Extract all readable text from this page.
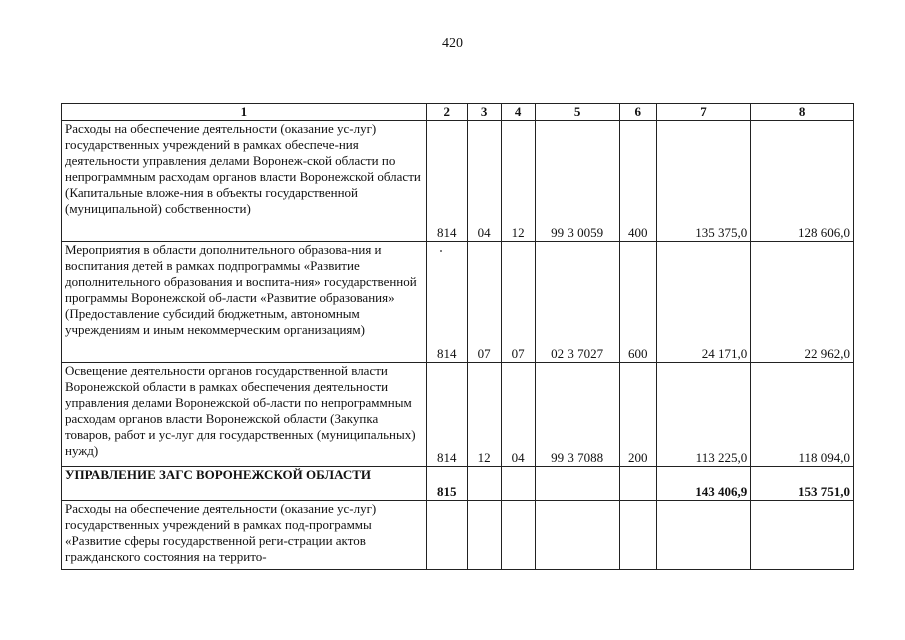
420
1	2	3	4	5	6	7	8
Расходы на обеспечение деятельности (оказание ус-луг) государственных учреждений в рамках обеспече-ния деятельности управления делами Воронеж-ской области по непрограммным расходам органов власти Воронежской области (Капитальные вложе-ния в объекты государственной (муниципальной) собственности)	814	04	12	99 3 0059	400	135 375,0	128 606,0
Мероприятия в области дополнительного образова-ния и воспитания детей в рамках подпрограммы «Развитие дополнительного образования и воспита-ния» государственной программы Воронежской об-ласти «Развитие образования» (Предоставление субсидий бюджетным, автономным учреждениям и иным некоммерческим организациям)	814	07	07	02 3 7027	600	24 171,0	22 962,0
Освещение деятельности органов государственной власти Воронежской области в рамках обеспечения деятельности управления делами Воронежской об-ласти по непрограммным расходам органов власти Воронежской области (Закупка товаров, работ и ус-луг для государственных (муниципальных) нужд)	814	12	04	99 3 7088	200	113 225,0	118 094,0
УПРАВЛЕНИЕ ЗАГС ВОРОНЕЖСКОЙ ОБЛАСТИ	815					143 406,9	153 751,0
Расходы на обеспечение деятельности (оказание ус-луг) государственных учреждений в рамках под-программы «Развитие сферы государственной реги-страции актов гражданского состояния на террито-							
